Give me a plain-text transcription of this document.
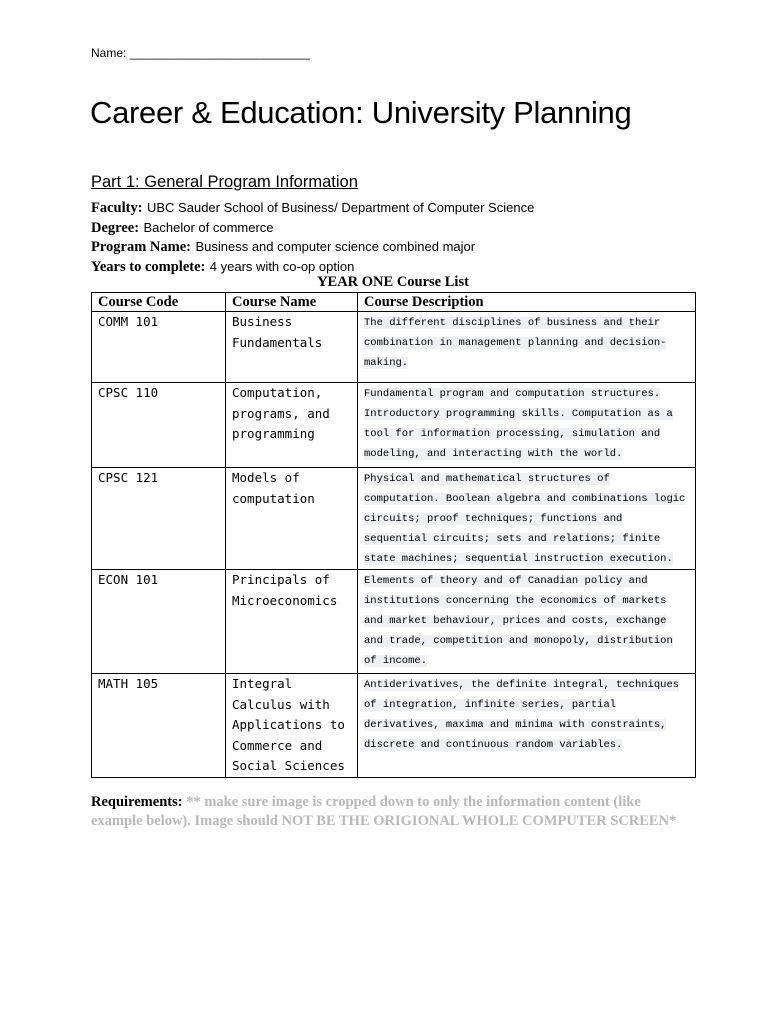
Name: ___________________________
Career & Education: University Planning
Part 1: General Program Information
Faculty: UBC Sauder School of Business/ Department of Computer Science
Degree: Bachelor of commerce
Program Name: Business and computer science combined major
Years to complete: 4 years with co-op option
YEAR ONE Course List
Course Code	Course Name	Course Description
COMM 101	Business Fundamentals	The different disciplines of business and their combination in management planning and decision-making.
CPSC 110	Computation, programs, and programming	Fundamental program and computation structures. Introductory programming skills. Computation as a tool for information processing, simulation and modeling, and interacting with the world.
CPSC 121	Models of computation	Physical and mathematical structures of computation. Boolean algebra and combinations logic circuits; proof techniques; functions and sequential circuits; sets and relations; finite state machines; sequential instruction execution.
ECON 101	Principals of Microeconomics	Elements of theory and of Canadian policy and institutions concerning the economics of markets and market behaviour, prices and costs, exchange and trade, competition and monopoly, distribution of income.
MATH 105	Integral Calculus with Applications to Commerce and Social Sciences	Antiderivatives, the definite integral, techniques of integration, infinite series, partial derivatives, maxima and minima with constraints, discrete and continuous random variables.
Requirements: ** make sure image is cropped down to only the information content (like example below). Image should NOT BE THE ORIGIONAL WHOLE COMPUTER SCREEN*
